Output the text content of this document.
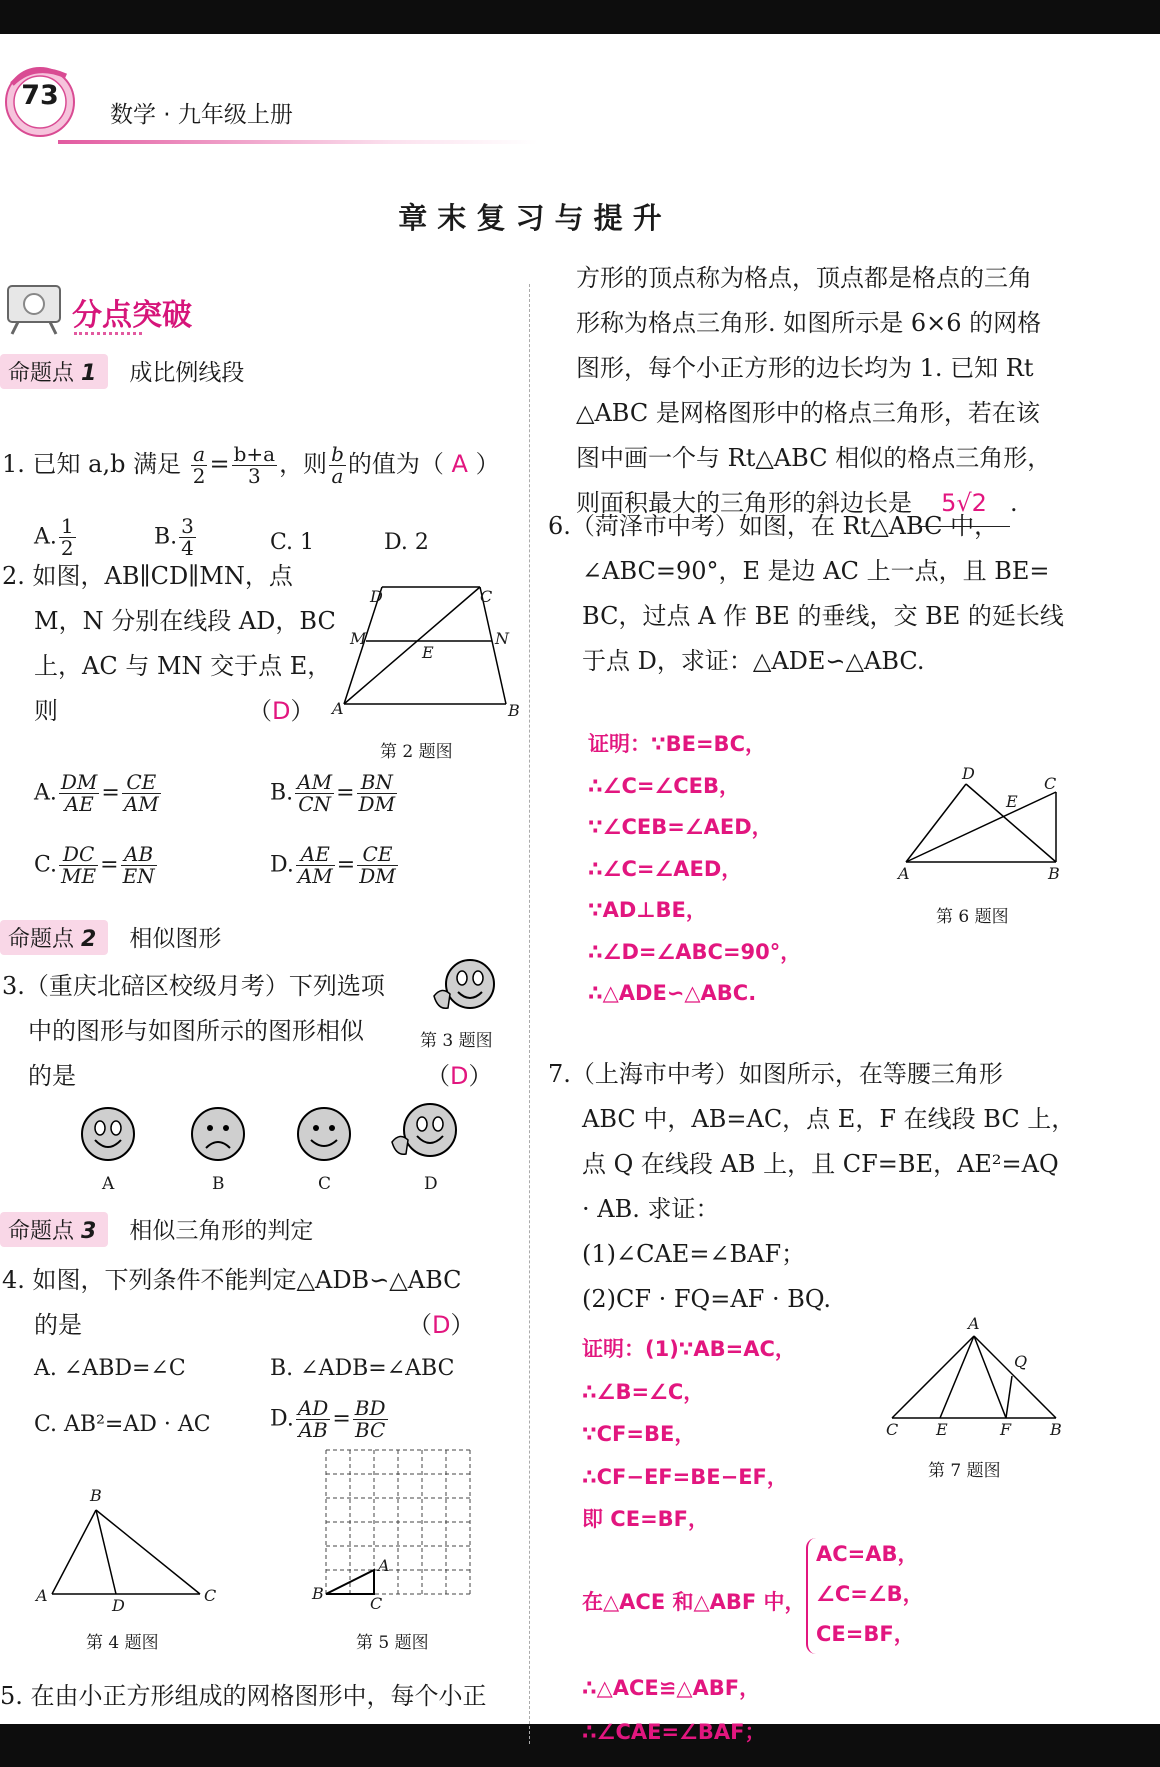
73
数学 · 九年级上册
章 末 复 习 与 提 升
分点突破
命题点 1 成比例线段
1. 已知 a,b 满足 $\frac{a}{2} = \frac{b+a}{3}$ ，则 $\frac{b}{a}$ 的值为（ A ）
A. $\frac{1}{2}$	B. $\frac{3}{4}$	C. 1	D. 2
2. 如图，AB∥CD∥MN，点
M，N 分别在线段 AD，BC
上，AC 与 MN 交于点 E，
则	（D）
D	C
M	N
E
A	B
第 2 题图
A. $\frac{DM}{AE} = \frac{CE}{AM}$	B. $\frac{AM}{CN} = \frac{BN}{DM}$
C. $\frac{DC}{ME} = \frac{AB}{EN}$	D. $\frac{AE}{AM} = \frac{CE}{DM}$
命题点 2 相似图形
3.（重庆北碚区校级月考）下列选项
中的图形与如图所示的图形相似
的是	（D）
第 3 题图
A	B	C	D
命题点 3 相似三角形的判定
4. 如图，下列条件不能判定△ADB∽△ABC
的是	（D）
A. ∠ABD=∠C	B. ∠ADB=∠ABC
C. AB²=AD · AC	D. $\frac{AD}{AB} = \frac{BD}{BC}$
B
A
D
C
第 4 题图
A
B
C
第 5 题图
5. 在由小正方形组成的网格图形中，每个小正
方形的顶点称为格点，顶点都是格点的三角
形称为格点三角形. 如图所示是 6×6 的网格
图形，每个小正方形的边长均为 1. 已知 Rt
△ABC 是网格图形中的格点三角形，若在该
图中画一个与 Rt△ABC 相似的格点三角形，
则面积最大的三角形的斜边长是 5√2 .
6.（菏泽市中考）如图，在 Rt△ABC 中，
∠ABC=90°，E 是边 AC 上一点，且 BE=
BC，过点 A 作 BE 的垂线，交 BE 的延长线
于点 D，求证：△ADE∽△ABC.
证明：∵BE=BC，
∴∠C=∠CEB，
∵∠CEB=∠AED，
∴∠C=∠AED，
∵AD⊥BE，
∴∠D=∠ABC=90°，
∴△ADE∽△ABC.
D
E
C
A	B
第 6 题图
7.（上海市中考）如图所示，在等腰三角形
ABC 中，AB=AC，点 E，F 在线段 BC 上，
点 Q 在线段 AB 上，且 CF=BE，AE²=AQ
· AB. 求证：
(1)∠CAE=∠BAF；
(2)CF · FQ=AF · BQ.
证明：(1)∵AB=AC，
∴∠B=∠C，
∵CF=BE，
∴CF−EF=BE−EF，
即 CE=BF，
在△ACE 和△ABF 中，
AC=AB，
∠C=∠B，
CE=BF，
∴△ACE≌△ABF，
∴∠CAE=∠BAF；
A
Q
C E	F B
第 7 题图
